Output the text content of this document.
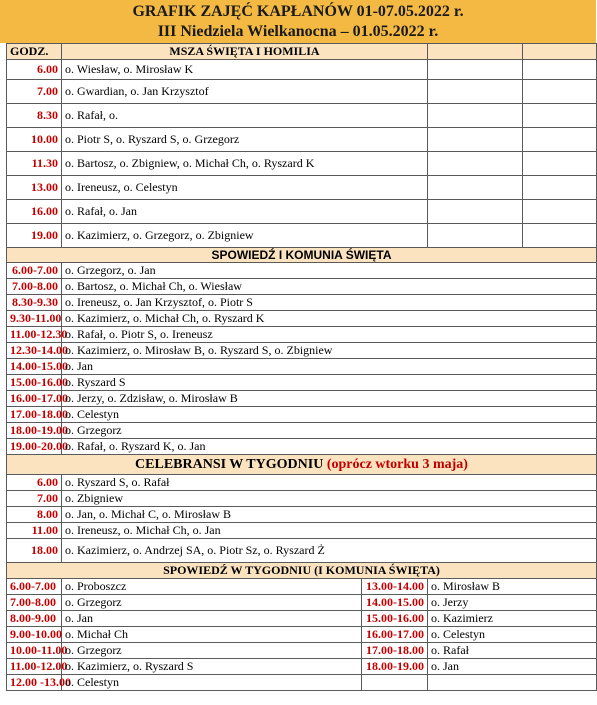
GRAFIK ZAJĘĆ KAPŁANÓW 01-07.05.2022 r.
III Niedziela Wielkanocna – 01.05.2022 r.
GODZ.	MSZA ŚWIĘTA I HOMILIA			
6.00	o. Wiesław, o. Mirosław K			
7.00	o. Gwardian, o. Jan Krzysztof			
8.30	o. Rafał, o.			
10.00	o. Piotr S, o. Ryszard S, o. Grzegorz			
11.30	o. Bartosz, o. Zbigniew, o. Michał Ch, o. Ryszard K			
13.00	o. Ireneusz, o. Celestyn			
16.00	o. Rafał, o. Jan			
19.00	o. Kazimierz, o. Grzegorz, o. Zbigniew			
SPOWIEDŹ I KOMUNIA ŚWIĘTA				
6.00-7.00	o. Grzegorz, o. Jan			
7.00-8.00	o. Bartosz, o. Michał Ch, o. Wiesław			
8.30-9.30	o. Ireneusz, o. Jan Krzysztof, o. Piotr S			
9.30-11.00	o. Kazimierz, o. Michał Ch, o. Ryszard K			
11.00-12.30	o. Rafał, o. Piotr S, o. Ireneusz			
12.30-14.00	o. Kazimierz, o. Mirosław B, o. Ryszard S, o. Zbigniew			
14.00-15.00	o. Jan			
15.00-16.00	o. Ryszard S			
16.00-17.00	o. Jerzy, o. Zdzisław, o. Mirosław B			
17.00-18.00	o. Celestyn			
18.00-19.00	o. Grzegorz			
19.00-20.00	o. Rafał, o. Ryszard K, o. Jan			
CELEBRANSI W TYGODNIU (oprócz wtorku 3 maja)				
6.00	o. Ryszard S, o. Rafał			
7.00	o. Zbigniew			
8.00	o. Jan, o. Michał C, o. Mirosław B			
11.00	o. Ireneusz, o. Michał Ch, o. Jan			
18.00	o. Kazimierz, o. Andrzej SA, o. Piotr Sz, o. Ryszard Ż			
SPOWIEDŹ W TYGODNIU (I KOMUNIA ŚWIĘTA)				
6.00-7.00	o. Proboszcz	13.00-14.00	o. Mirosław B	
7.00-8.00	o. Grzegorz	14.00-15.00	o. Jerzy	
8.00-9.00	o. Jan	15.00-16.00	o. Kazimierz	
9.00-10.00	o. Michał Ch	16.00-17.00	o. Celestyn	
10.00-11.00	o. Grzegorz	17.00-18.00	o. Rafał	
11.00-12.00	o. Kazimierz, o. Ryszard S	18.00-19.00	o. Jan	
12.00 -13.00	o. Celestyn			
